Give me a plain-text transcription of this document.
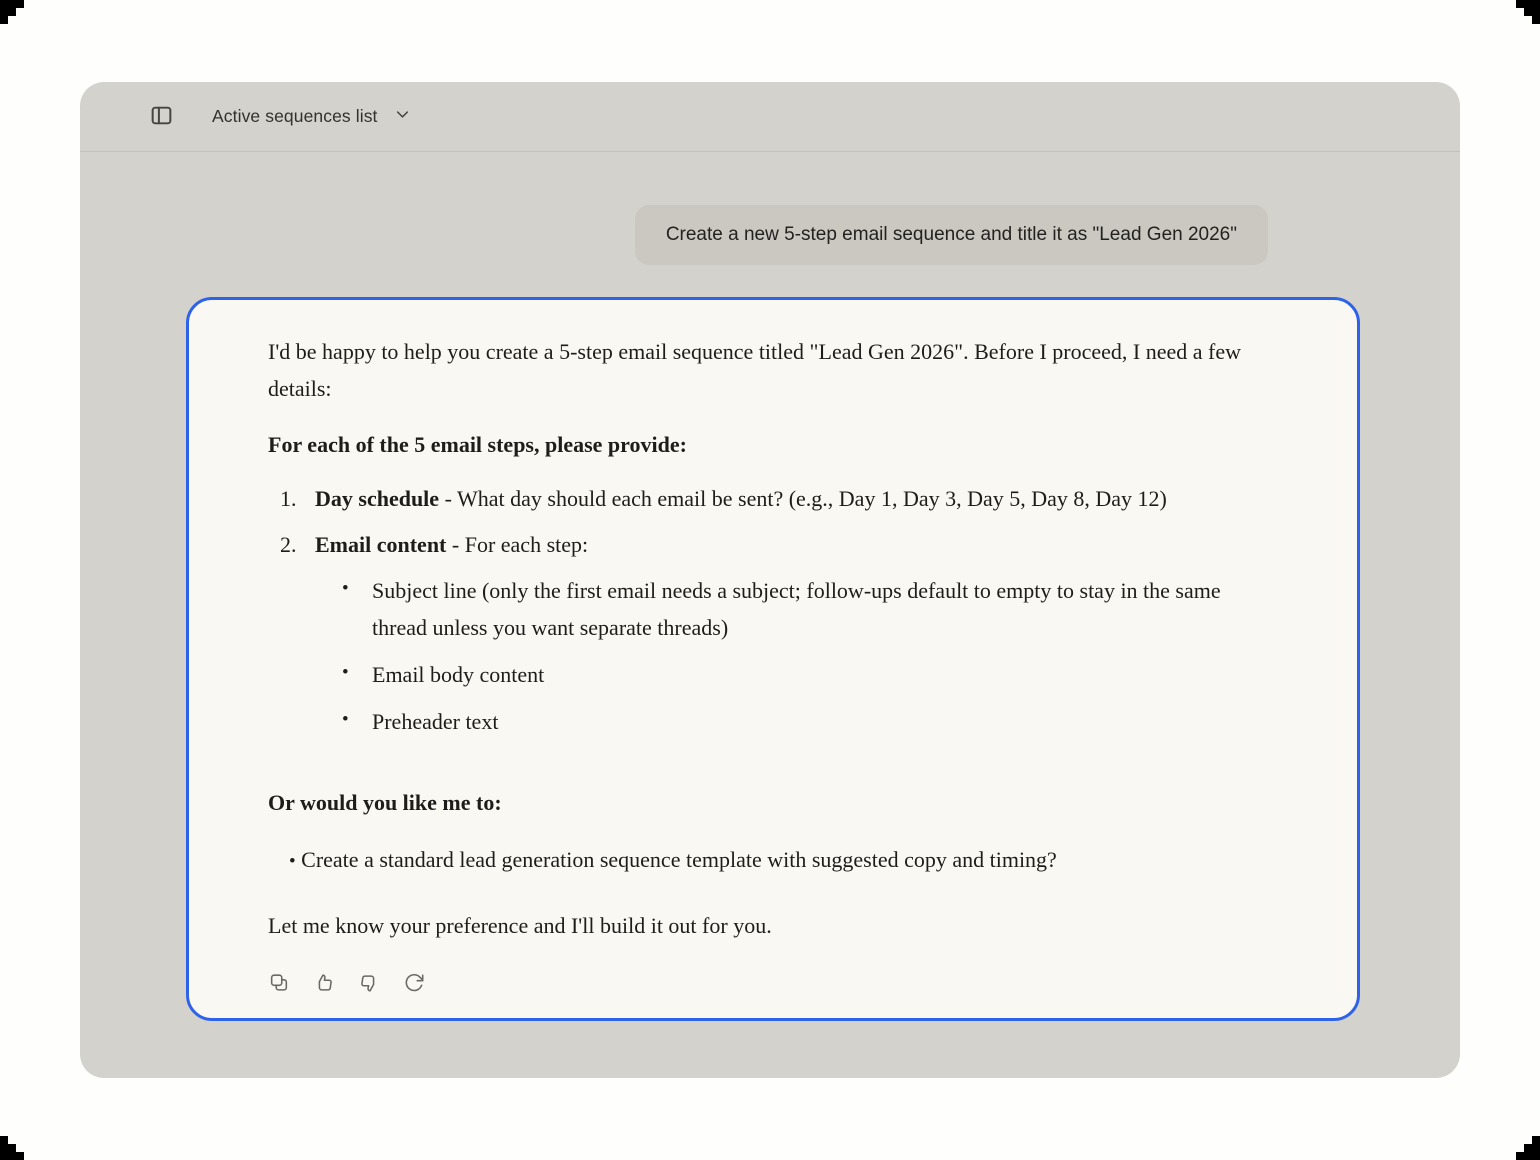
Active sequences list
Create a new 5-step email sequence and title it as "Lead Gen 2026"

I'd be happy to help you create a 5-step email sequence titled "Lead Gen 2026". Before I proceed, I need a few details:

For each of the 5 email steps, please provide:

1. Day schedule - What day should each email be sent? (e.g., Day 1, Day 3, Day 5, Day 8, Day 12)
2. Email content - For each step:
•	Subject line (only the first email needs a subject; follow-ups default to empty to stay in the same thread unless you want separate threads)
•	Email body content
•	Preheader text

Or would you like me to:

• Create a standard lead generation sequence template with suggested copy and timing?

Let me know your preference and I'll build it out for you.
